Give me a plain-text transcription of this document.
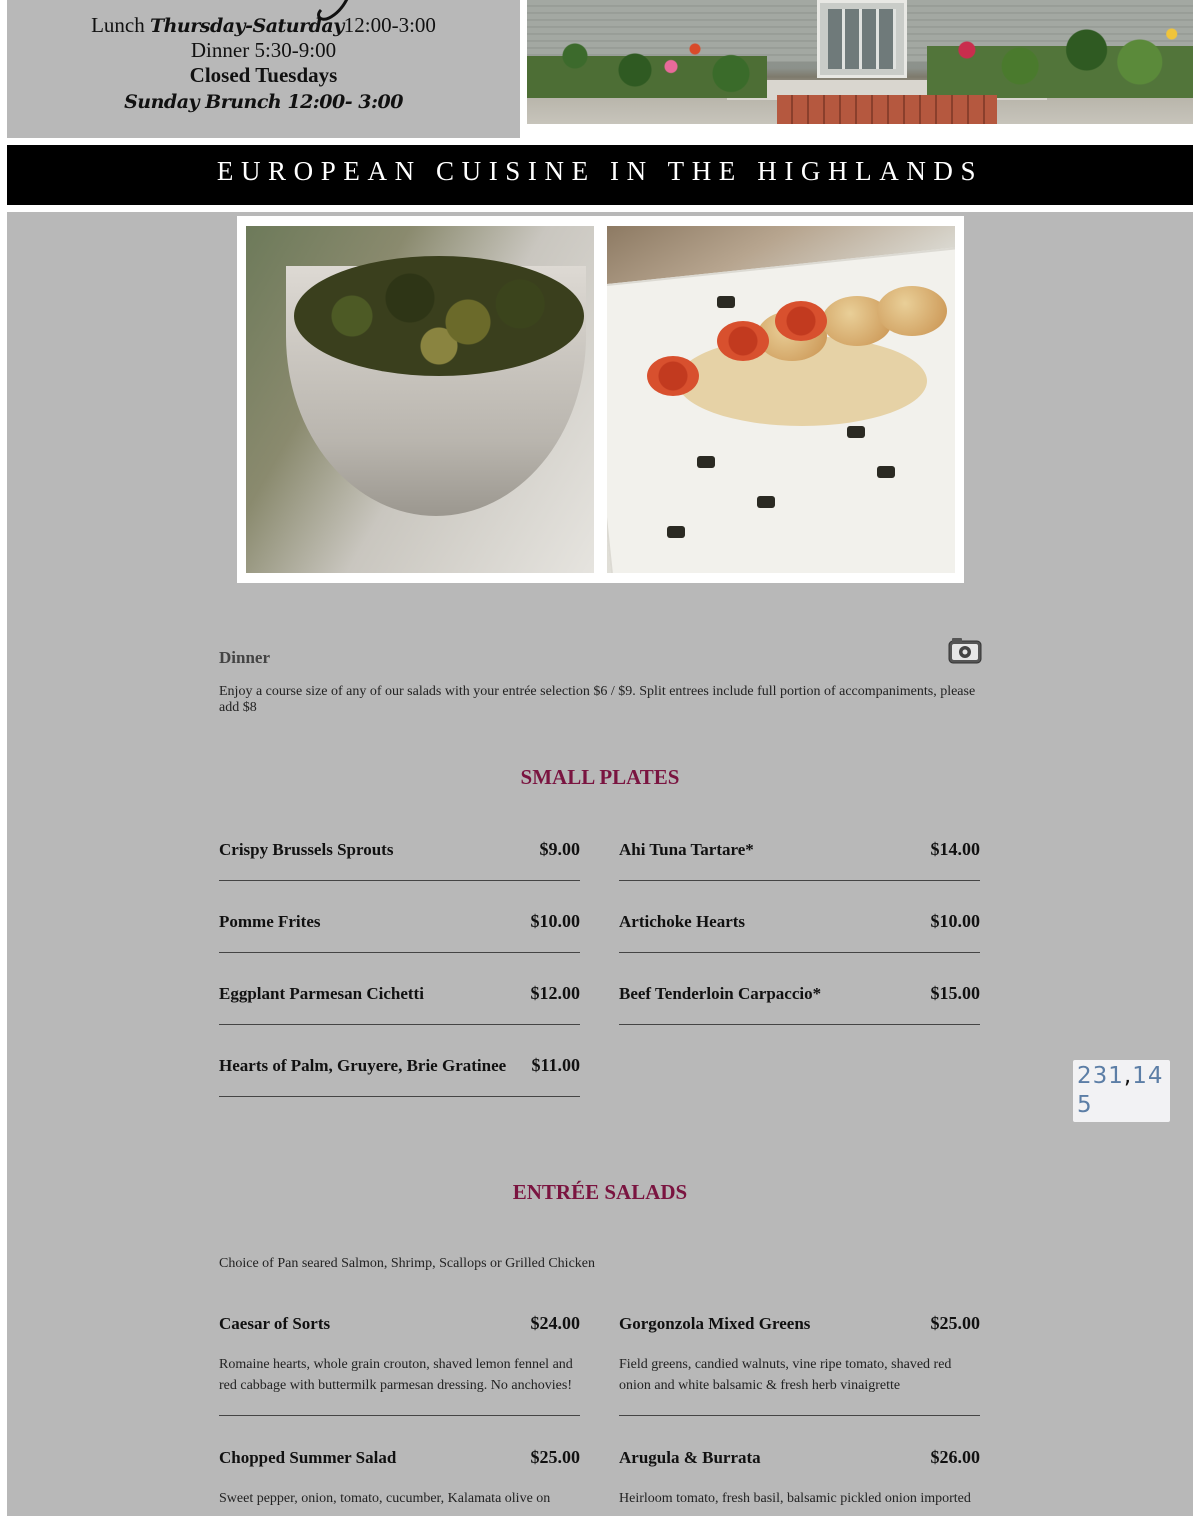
Lunch Thursday-Saturday12:00-3:00
Dinner 5:30-9:00
Closed Tuesdays
Sunday Brunch 12:00- 3:00
EUROPEAN CUISINE IN THE HIGHLANDS
Dinner
Enjoy a course size of any of our salads with your entrée selection $6 / $9. Split entrees include full portion of accompaniments, please add $8
SMALL PLATES
Crispy Brussels Sprouts	$9.00 Ahi Tuna Tartare*	$14.00
Pomme Frites	$10.00 Artichoke Hearts	$10.00
Eggplant Parmesan Cichetti	$12.00 Beef Tenderloin Carpaccio*	$15.00
Hearts of Palm, Gruyere, Brie Gratinee $11.00
ENTRÉE SALADS
Choice of Pan seared Salmon, Shrimp, Scallops or Grilled Chicken
Caesar of Sorts	$24.00
Romaine hearts, whole grain crouton, shaved lemon fennel and red cabbage with buttermilk parmesan dressing. No anchovies!
Gorgonzola Mixed Greens	$25.00
Field greens, candied walnuts, vine ripe tomato, shaved red onion and white balsamic & fresh herb vinaigrette
Chopped Summer Salad	$25.00
Sweet pepper, onion, tomato, cucumber, Kalamata olive on
Arugula & Burrata	$26.00
Heirloom tomato, fresh basil, balsamic pickled onion imported
231,145
